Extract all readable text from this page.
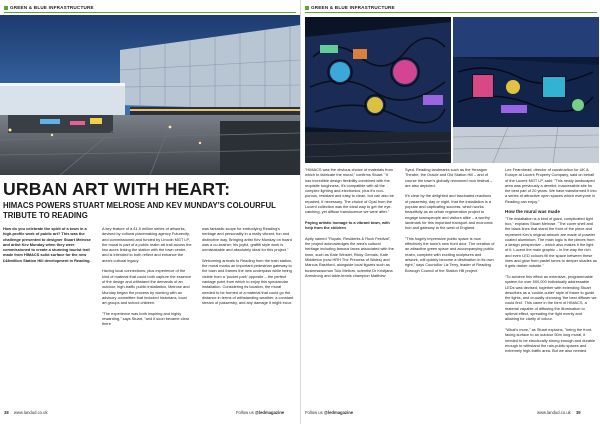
GREEN & BLUE INFRASTRUCTURE
URBAN ART WITH HEART:
HIMACS POWERS STUART MELROSE AND KEV MUNDAY'S COLOURFUL TRIBUTE TO READING

How do you celebrate the spirit of a town in a high-profile work of public art? This was the challenge presented to designer Stuart Melrose and artist Kev Munday when they were commissioned to create a stunning tourist trail made from HIMACS solid surface for the new £48million Station Hill development in Reading.

A key feature of a £1.5 million series of artworks, devised by cultural placemaking agency Futurecity, and commissioned and funded by Lincoln MGT LP, the mural is part of a public realm art trail across the two acres linking the station with the town centre, and is intended to both reflect and enhance the area's cultural legacy.

Having local connections, plus experience of the kind of material that could both capture the essence of the design and withstand the demands of an outdoor, high-traffic public installation, Melrose and Munday began the process by working with an advisory committee that included historians, local art groups and school children.

"The experience was both inspiring and highly rewarding," says Stuart, "and it soon became clear there

was fantastic scope for embodying Reading's heritage and personality in a really vibrant, fun and distinctive way. Bringing artist Kev Munday on board was a no-brainer; his joyful, graffiti style work is unmistakable and absolutely ideal for this project."

Welcoming arrivals to Reading from the train station, the mural marks an important pedestrian gateway to the town and frames the new underpass while being visible from a 'pocket park' opposite – the perfect vantage point from which to enjoy this spectacular installation. Considering its location, the mural needed to be formed of a material that could go the distance in terms of withstanding weather, a constant stream of passersby, and any damage it might incur.

38 www.landud.co.uk	Follow us @ledmagazine
GREEN & BLUE INFRASTRUCTURE

"HIMACS was the obvious choice of materials from which to fabricate the mural," confirms Stuart. "It has incredible design flexibility combined with the requisite toughness, it's compatible with all the complex lighting and electronics, plus it's non-porous, resistant and easy to clean, but can also be repaired, if necessary. The choice of Opal from the Lucent collection was the ideal way to get the eye-catching, yet diffuse translucence we were after."

Paying artistic homage to a vibrant town, with help from the children

Aptly named "Royals, Residents & Rock Festival", the project acknowledges the area's cultural heritage including famous faces associated with the town, such as Kate Winslet, Ricky Gervais, Kate Middleton (now HRH The Princess of Wales) and Marcus Rashford, alongside local figures such as businesswoman Tulu Mellors, scientist Dr Kristjana Armstrong and table-tennis champion Matthew

Syed. Reading landmarks such as the Hexagon Theatre, the Oracle and Old Station Hill – and of course the town's globally renowned rock festival – are also depicted.

It's clear by the delighted and fascinated reactions of passersby, day or night, that the installation is a popular and captivating success, which works beautifully as an urban regeneration project to engage townspeople and visitors alike – a worthy landmark for this important transport and economic hub and gateway to the west of England.

"This hugely impressive public space is now effectively the town's new front door. The creation of an attractive green space and accompanying public realm, complete with exciting sculptures and artwork, will quickly become a destination in its own right," says Councillor Liz Terry, leader of Reading Borough Council of the Station Hill project.

Lee Fearnhead, director of construction for UK & Europe at Lucent Property Company, said on behalf of the Lucent MGT LP, said: "This newly landscaped area was previously a derelict, inaccessible site for the best part of 20 years. We have transformed it into a series of attractive open spaces which everyone in Reading can enjoy."

How the mural was made

"The installation is a kind of giant, complicated light box," explains Stuart Melrose. "The cover shell and the black lines that stand the front of the piece and represent Kev's original artwork are made of powder coated aluminium. The main logic is the pieces from a design perspective – which also makes it the light of it. Lucent the main graphic – in the way the rich and even LED colours fill the space between these lines and glow from pastel tones to deeper shades as it gets darker outside."

"To achieve this effect an extensive, programmable system for over 500,000 individually addressable LEDs was devised, together with extending Stuart describes as a 'cookie-cutter' style of frame to guide the lights, and crucially choosing 'the best diffuser we could find'. This came in the form of HIMACS, a material capable of diffusing the illumination to optimal effect, spreading the light evenly and allowing for clarity of colour.

"What's more," as Stuart explains, "being the front-facing surface to an outdoor 50m long mural, it needed to be structurally strong enough and durable enough to withstand the rain-public spaces and extremely high-traffic area. But we also needed

Follow us @ledmagazine	www.landud.co.uk 39
